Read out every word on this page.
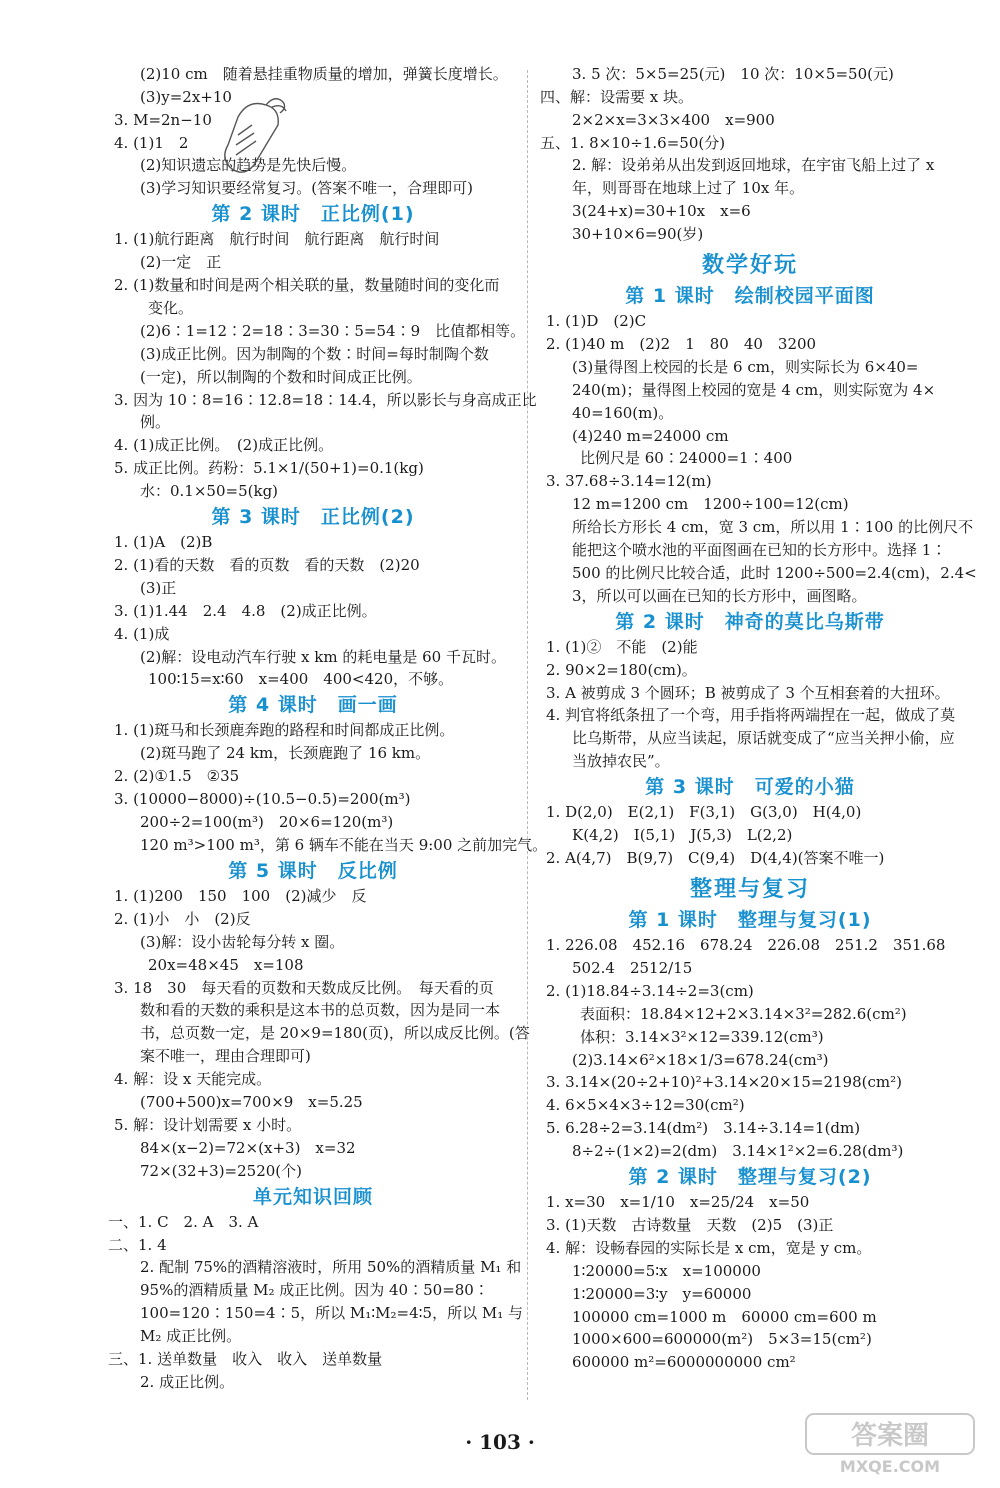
(2)10 cm　随着悬挂重物质量的增加，弹簧长度增长。
(3)y=2x+10
3. M=2n−10
4. (1)1　2
(2)知识遗忘的趋势是先快后慢。
(3)学习知识要经常复习。(答案不唯一，合理即可)
第 2 课时　正比例(1)
1. (1)航行距离　航行时间　航行距离　航行时间
(2)一定　正
2. (1)数量和时间是两个相关联的量，数量随时间的变化而
变化。
(2)6∶1=12∶2=18∶3=30∶5=54∶9　比值都相等。
(3)成正比例。因为制陶的个数∶时间=每时制陶个数
(一定)，所以制陶的个数和时间成正比例。
3. 因为 10∶8=16∶12.8=18∶14.4，所以影长与身高成正比
例。
4. (1)成正比例。　(2)成正比例。
5. 成正比例。药粉：5.1×1/(50+1)=0.1(kg)
水：0.1×50=5(kg)
第 3 课时　正比例(2)
1. (1)A　(2)B
2. (1)看的天数　看的页数　看的天数　(2)20
(3)正
3. (1)1.44　2.4　4.8　(2)成正比例。
4. (1)成
(2)解：设电动汽车行驶 x km 的耗电量是 60 千瓦时。
100∶15=x∶60　x=400　400<420，不够。
第 4 课时　画一画
1. (1)斑马和长颈鹿奔跑的路程和时间都成正比例。
(2)斑马跑了 24 km，长颈鹿跑了 16 km。
2. (2)①1.5　②35
3. (10000−8000)÷(10.5−0.5)=200(m³)
200÷2=100(m³)　20×6=120(m³)
120 m³>100 m³，第 6 辆车不能在当天 9:00 之前加完气。
第 5 课时　反比例
1. (1)200　150　100　(2)减少　反
2. (1)小　小　(2)反
(3)解：设小齿轮每分转 x 圈。
20x=48×45　x=108
3. 18　30　每天看的页数和天数成反比例。　每天看的页
数和看的天数的乘积是这本书的总页数，因为是同一本
书，总页数一定，是 20×9=180(页)，所以成反比例。(答
案不唯一，理由合理即可)
4. 解：设 x 天能完成。
(700+500)x=700×9　x=5.25
5. 解：设计划需要 x 小时。
84×(x−2)=72×(x+3)　x=32
72×(32+3)=2520(个)
单元知识回顾
一、1. C　2. A　3. A
二、1. 4
2. 配制 75%的酒精溶液时，所用 50%的酒精质量 M₁ 和
95%的酒精质量 M₂ 成正比例。因为 40∶50=80∶
100=120∶150=4∶5，所以 M₁∶M₂=4∶5，所以 M₁ 与
M₂ 成正比例。
三、1. 送单数量　收入　收入　送单数量
2. 成正比例。
3. 5 次：5×5=25(元)　10 次：10×5=50(元)
四、解：设需要 x 块。
2×2×x=3×3×400　x=900
五、1. 8×10÷1.6=50(分)
2. 解：设弟弟从出发到返回地球，在宇宙飞船上过了 x
年，则哥哥在地球上过了 10x 年。
3(24+x)=30+10x　x=6
30+10×6=90(岁)
数学好玩
第 1 课时　绘制校园平面图
1. (1)D　(2)C
2. (1)40 m　(2)2　1　80　40　3200
(3)量得图上校园的长是 6 cm，则实际长为 6×40=
240(m)；量得图上校园的宽是 4 cm，则实际宽为 4×
40=160(m)。
(4)240 m=24000 cm
比例尺是 60∶24000=1∶400
3. 37.68÷3.14=12(m)
12 m=1200 cm　1200÷100=12(cm)
所给长方形长 4 cm，宽 3 cm，所以用 1∶100 的比例尺不
能把这个喷水池的平面图画在已知的长方形中。选择 1∶
500 的比例尺比较合适，此时 1200÷500=2.4(cm)，2.4<
3，所以可以画在已知的长方形中，画图略。
第 2 课时　神奇的莫比乌斯带
1. (1)②　不能　(2)能
2. 90×2=180(cm)。
3. A 被剪成 3 个圆环；B 被剪成了 3 个互相套着的大扭环。
4. 判官将纸条扭了一个弯，用手指将两端捏在一起，做成了莫
比乌斯带，从应当读起，原话就变成了“应当关押小偷，应
当放掉农民”。
第 3 课时　可爱的小猫
1. D(2,0)　E(2,1)　F(3,1)　G(3,0)　H(4,0)
K(4,2)　I(5,1)　J(5,3)　L(2,2)
2. A(4,7)　B(9,7)　C(9,4)　D(4,4)(答案不唯一)
整理与复习
第 1 课时　整理与复习(1)
1. 226.08　452.16　678.24　226.08　251.2　351.68
502.4　2512/15
2. (1)18.84÷3.14÷2=3(cm)
表面积：18.84×12+2×3.14×3²=282.6(cm²)
体积：3.14×3²×12=339.12(cm³)
(2)3.14×6²×18×1/3=678.24(cm³)
3. 3.14×(20÷2+10)²+3.14×20×15=2198(cm²)
4. 6×5×4×3÷12=30(cm²)
5. 6.28÷2=3.14(dm²)　3.14÷3.14=1(dm)
8÷2÷(1×2)=2(dm)　3.14×1²×2=6.28(dm³)
第 2 课时　整理与复习(2)
1. x=30　x=1/10　x=25/24　x=50
3. (1)天数　古诗数量　天数　(2)5　(3)正
4. 解：设畅春园的实际长是 x cm，宽是 y cm。
1∶20000=5∶x　x=100000
1∶20000=3∶y　y=60000
100000 cm=1000 m　60000 cm=600 m
1000×600=600000(m²)　5×3=15(cm²)
600000 m²=6000000000 cm²
答案圈
MXQE.COM
· 103 ·
